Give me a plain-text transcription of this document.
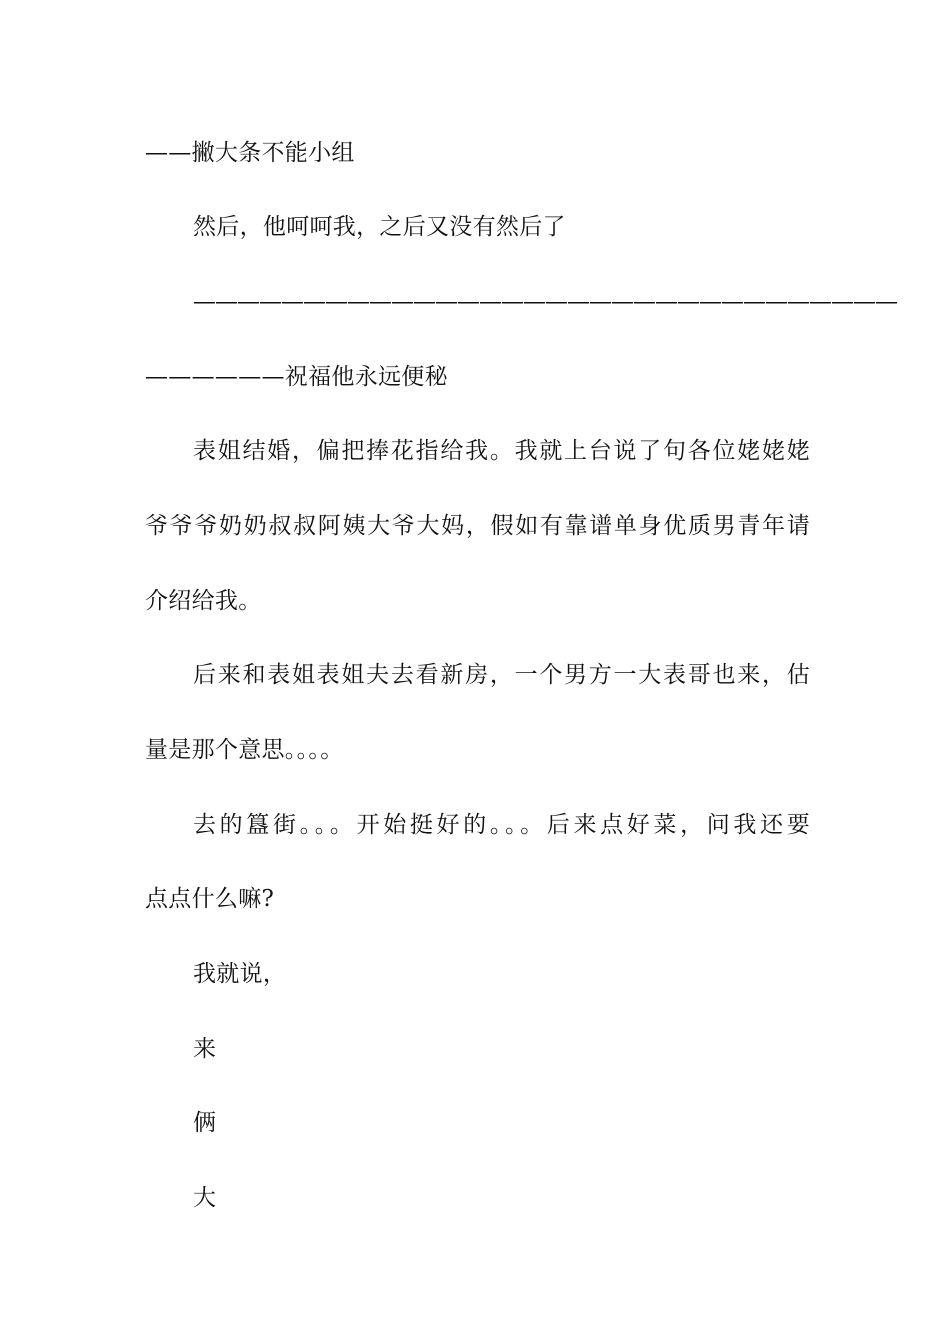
——撇大条不能小组
然后，他呵呵我，之后又没有然后了
————————————————————————————————
——————祝福他永远便秘
表姐结婚，偏把捧花指给我。我就上台说了句各位姥姥姥
爷爷爷奶奶叔叔阿姨大爷大妈，假如有靠谱单身优质男青年请
介绍给我。
后来和表姐表姐夫去看新房，一个男方一大表哥也来，估
量是那个意思。。。。
去的簋街。。。开始挺好的。。。后来点好菜，问我还要
点点什么嘛?
我就说，
来
俩
大
